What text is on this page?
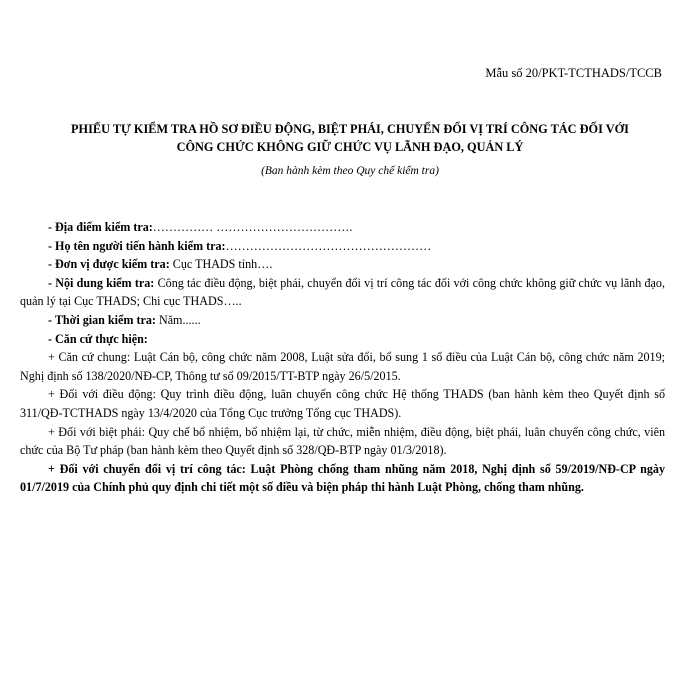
Mẫu số 20/PKT-TCTHADS/TCCB
PHIẾU TỰ KIỂM TRA HỒ SƠ ĐIỀU ĐỘNG, BIỆT PHÁI, CHUYỂN ĐỔI VỊ TRÍ CÔNG TÁC ĐỐI VỚI
CÔNG CHỨC KHÔNG GIỮ CHỨC VỤ LÃNH ĐẠO, QUẢN LÝ
(Ban hành kèm theo Quy chế kiểm tra)
- Địa điểm kiểm tra:…………… …………………………….
- Họ tên người tiến hành kiểm tra:……………………………………………
- Đơn vị được kiểm tra: Cục THADS tỉnh….
- Nội dung kiểm tra: Công tác điều động, biệt phái, chuyển đổi vị trí công tác đối với công chức không giữ chức vụ lãnh đạo, quản lý tại Cục THADS; Chi cục THADS…..
- Thời gian kiểm tra: Năm......
- Căn cứ thực hiện:
+ Căn cứ chung: Luật Cán bộ, công chức năm 2008, Luật sửa đổi, bổ sung 1 số điều của Luật Cán bộ, công chức năm 2019; Nghị định số 138/2020/NĐ-CP, Thông tư số 09/2015/TT-BTP ngày 26/5/2015.
+ Đối với điều động: Quy trình điều động, luân chuyển công chức Hệ thống THADS (ban hành kèm theo Quyết định số 311/QĐ-TCTHADS ngày 13/4/2020 của Tổng Cục trưởng Tổng cục THADS).
+ Đối với biệt phái: Quy chế bổ nhiệm, bổ nhiệm lại, từ chức, miễn nhiệm, điều động, biệt phái, luân chuyển công chức, viên chức của Bộ Tư pháp (ban hành kèm theo Quyết định số 328/QĐ-BTP ngày 01/3/2018).
+ Đối với chuyển đổi vị trí công tác: Luật Phòng chống tham nhũng năm 2018, Nghị định số 59/2019/NĐ-CP ngày 01/7/2019 của Chính phủ quy định chi tiết một số điều và biện pháp thi hành Luật Phòng, chống tham nhũng.
